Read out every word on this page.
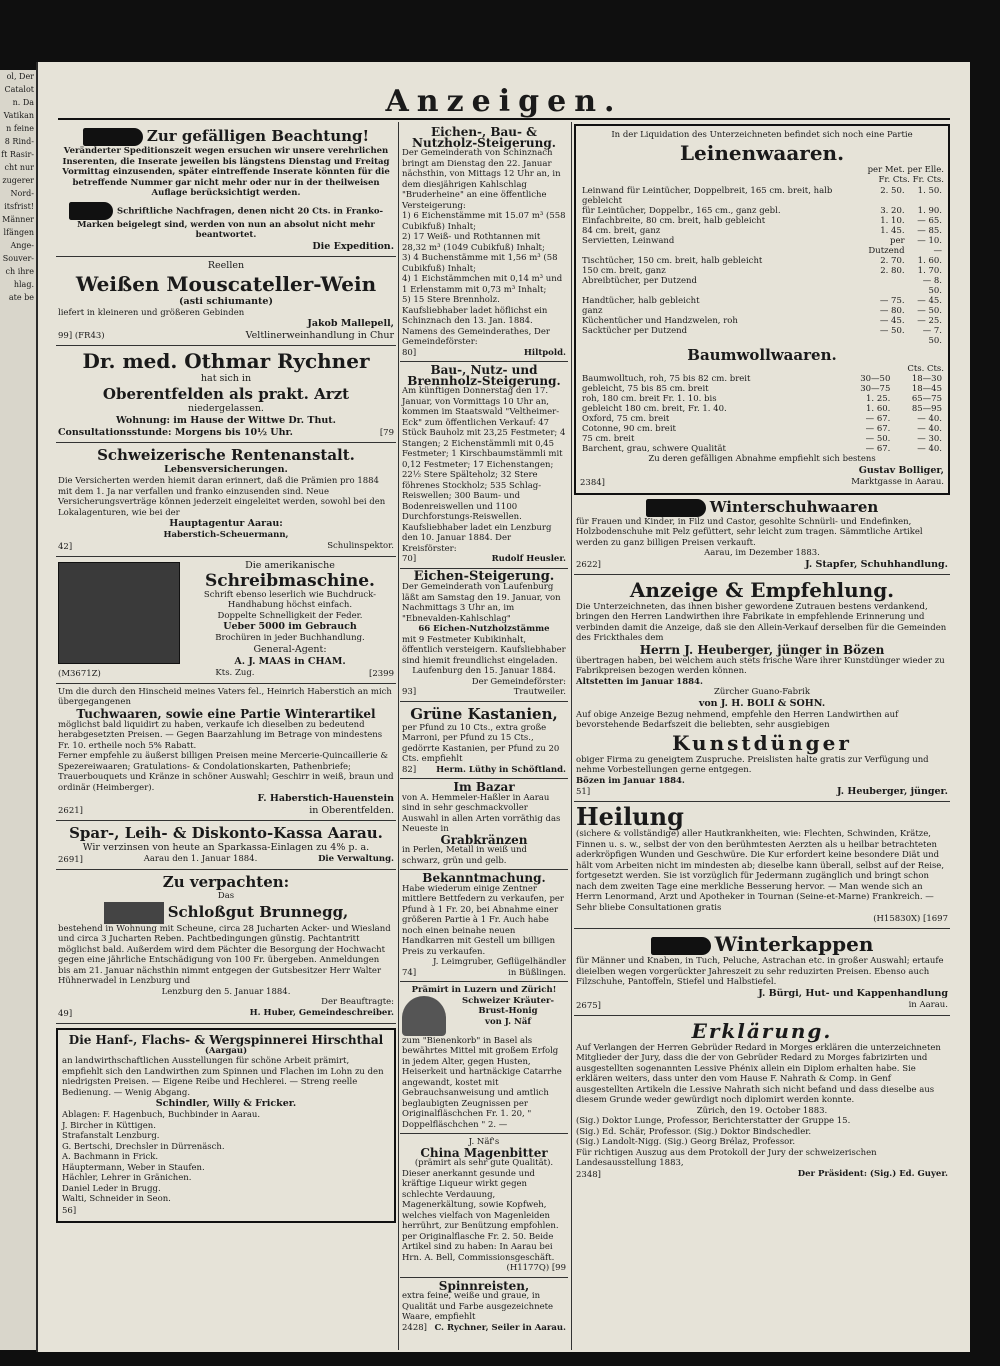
ol, Der
Catalot
n. Da
Vatikan
n feine
8 Rind-
ft Rasir-
cht nur
zugerer
Nord-
itsfrist!
Männer
lfängen
Ange-
Souver-
ch ihre
hlag.
ate be
Anzeigen.
Zur gefälligen Beachtung!
Veränderter Speditionszeit wegen ersuchen wir unsere verehrlichen Inserenten, die Inserate jeweilen bis längstens Dienstag und Freitag Vormittag einzusenden, später eintreffende Inserate könnten für die betreffende Nummer gar nicht mehr oder nur in der theilweisen Auflage berücksichtigt werden.
Schriftliche Nachfragen, denen nicht 20 Cts. in Franko-Marken beigelegt sind, werden von nun an absolut nicht mehr beantwortet.
Die Expedition.
Reellen
Weißen Mouscateller-Wein
(asti schiumante)
liefert in kleineren und größeren Gebinden
Jakob Mallepell,
99] (FR43)	Veltlinerweinhandlung in Chur
Dr. med. Othmar Rychner
hat sich in
Oberentfelden als prakt. Arzt
niedergelassen.
Wohnung: im Hause der Wittwe Dr. Thut.
Consultationsstunde: Morgens bis 10½ Uhr.	[79
Schweizerische Rentenanstalt.
Lebensversicherungen.
Die Versicherten werden hiemit daran erinnert, daß die Prämien pro 1884 mit dem 1. Ja nar verfallen und franko einzusenden sind. Neue Versicherungsverträge können jederzeit eingeleitet werden, sowohl bei den Lokalagenturen, wie bei der
Hauptagentur Aarau:
Haberstich-Scheuermann,
42]	Schulinspektor.
Die amerikanische
Schreibmaschine.
Schrift ebenso leserlich wie Buchdruck-Handhabung höchst einfach.
Doppelte Schnelligkeit der Feder.
Ueber 5000 im Gebrauch
Brochüren in jeder Buchhandlung.
General-Agent:
A. J. MAAS in CHAM.
(M3671Z)	Kts. Zug.	[2399
Um die durch den Hinscheid meines Vaters fel., Heinrich Haberstich an mich übergegangenen
Tuchwaaren, sowie eine Partie Winterartikel
möglichst bald liquidirt zu haben, verkaufe ich dieselben zu bedeutend herabgesetzten Preisen. — Gegen Baarzahlung im Betrage von mindestens Fr. 10. ertheile noch 5% Rabatt.
Ferner empfehle zu äußerst billigen Preisen meine Mercerie-Quincaillerie & Spezereiwaaren; Gratulations- & Condolationskarten, Pathenbriefe; Trauerbouquets und Kränze in schöner Auswahl; Geschirr in weiß, braun und ordinär (Heimberger).
F. Haberstich-Hauenstein
2621]	in Oberentfelden.
Spar-, Leih- & Diskonto-Kassa Aarau.
Wir verzinsen von heute an Sparkassa-Einlagen zu 4% p. a.
2691]	Aarau den 1. Januar 1884.	Die Verwaltung.
Zu verpachten:
Das
Schloßgut Brunnegg,
bestehend in Wohnung mit Scheune, circa 28 Jucharten Acker- und Wiesland und circa 3 Jucharten Reben. Pachtbedingungen günstig. Pachtantritt möglichst bald. Außerdem wird dem Pächter die Besorgung der Hochwacht gegen eine jährliche Entschädigung von 100 Fr. übergeben. Anmeldungen bis am 21. Januar nächsthin nimmt entgegen der Gutsbesitzer Herr Walter Hühnerwadel in Lenzburg und
Lenzburg den 5. Januar 1884.
Der Beauftragte:
49]	H. Huber, Gemeindeschreiber.
Die Hanf-, Flachs- & Wergspinnerei Hirschthal
(Aargau)
an landwirthschaftlichen Ausstellungen für schöne Arbeit prämirt, empfiehlt sich den Landwirthen zum Spinnen und Flachen im Lohn zu den niedrigsten Preisen. — Eigene Reibe und Hechlerei. — Streng reelle Bedienung. — Wenig Abgang.
Schindler, Willy & Fricker.
Ablagen: F. Hagenbuch, Buchbinder in Aarau.
J. Bircher in Küttigen.
Strafanstalt Lenzburg.
G. Bertschi, Drechsler in Dürrenäsch.
A. Bachmann in Frick.
Häuptermann, Weber in Staufen.
Hächler, Lehrer in Gränichen.
Daniel Leder in Brugg.
Walti, Schneider in Seon.
56]
Eichen-, Bau- & Nutzholz-Steigerung.
Der Gemeinderath von Schinznach bringt am Dienstag den 22. Januar nächsthin, von Mittags 12 Uhr an, in dem diesjährigen Kahlschlag "Bruderheine" an eine öffentliche Versteigerung:
1) 6 Eichenstämme mit 15.07 m³ (558 Cubikfuß) Inhalt;
2) 17 Weiß- und Rothtannen mit 28,32 m³ (1049 Cubikfuß) Inhalt;
3) 4 Buchenstämme mit 1,56 m³ (58 Cubikfuß) Inhalt;
4) 1 Eichstämmchen mit 0,14 m³ und 1 Erlenstamm mit 0,73 m³ Inhalt;
5) 15 Stere Brennholz.
Kaufsliebhaber ladet höflichst ein Schinznach den 13. Jan. 1884. Namens des Gemeinderathes, Der Gemeindeförster:
80]	Hiltpold.
Bau-, Nutz- und Brennholz-Steigerung.
Am künftigen Donnerstag den 17. Januar, von Vormittags 10 Uhr an, kommen im Staatswald "Veltheimer-Eck" zum öffentlichen Verkauf: 47 Stück Bauholz mit 23,25 Festmeter; 4 Stangen; 2 Eichenstämmli mit 0,45 Festmeter; 1 Kirschbaumstämmli mit 0,12 Festmeter; 17 Eichenstangen; 22½ Stere Spälteholz; 32 Stere föhrenes Stockholz; 535 Schlag-Reiswellen; 300 Baum- und Bodenreiswellen und 1100 Durchforstungs-Reiswellen.
Kaufsliebhaber ladet ein Lenzburg den 10. Januar 1884. Der Kreisförster:
70]	Rudolf Heusler.
Eichen-Steigerung.
Der Gemeinderath von Laufenburg läßt am Samstag den 19. Januar, von Nachmittags 3 Uhr an, im "Ebnevalden-Kahlschlag"
66 Eichen-Nutzholzstämme
mit 9 Festmeter Kubikinhalt, öffentlich versteigern. Kaufsliebhaber sind hiemit freundlichst eingeladen.
Laufenburg den 15. Januar 1884.
Der Gemeindeförster:
93]	Trautweiler.
Grüne Kastanien,
per Pfund zu 10 Cts., extra große Marroni, per Pfund zu 15 Cts., gedörrte Kastanien, per Pfund zu 20 Cts. empfiehlt
82] Herm. Lüthy in Schöftland.
Im Bazar
von A. Hemmeler-Haßler in Aarau sind in sehr geschmackvoller Auswahl in allen Arten vorräthig das Neueste in
Grabkränzen
in Perlen, Metall in weiß und schwarz, grün und gelb.
Bekanntmachung.
Habe wiederum einige Zentner mittlere Bettfedern zu verkaufen, per Pfund à 1 Fr. 20, bei Abnahme einer größeren Partie à 1 Fr. Auch habe noch einen beinahe neuen Handkarren mit Gestell um billigen Preis zu verkaufen.
J. Leimgruber, Geflügelhändler
74]	in Büßlingen.
Prämirt in Luzern und Zürich!
Schweizer Kräuter-Brust-Honig
von J. Näf
zum "Bienenkorb" in Basel als bewährtes Mittel mit großem Erfolg in jedem Alter, gegen Husten, Heiserkeit und hartnäckige Catarrhe angewandt, kostet mit Gebrauchsanweisung und amtlich beglaubigten Zeugnissen per Originalfläschchen Fr. 1. 20, " Doppelfläschchen " 2. —
J. Näf's
China Magenbitter
(prämirt als sehr gute Qualität).
Dieser anerkannt gesunde und kräftige Liqueur wirkt gegen schlechte Verdauung, Magenerkältung, sowie Kopfweh, welches vielfach von Magenleiden herrührt, zur Benützung empfohlen. per Originalflasche Fr. 2. 50. Beide Artikel sind zu haben: In Aarau bei Hrn. A. Bell, Commissionsgeschäft.
(H1177Q) [99
Spinnreisten,
extra feine, weiße und graue, in Qualität und Farbe ausgezeichnete Waare, empfiehlt
2428] C. Rychner, Seiler in Aarau.
In der Liquidation des Unterzeichneten befindet sich noch eine Partie
Leinenwaaren.
per Met. per Elle.
Fr. Cts. Fr. Cts.
Leinwand für Leintücher, Doppelbreit, 165 cm. breit, halb gebleicht	2. 50.	1. 50.
für Leintücher, Doppelbr., 165 cm., ganz gebl.	3. 20.	1. 90.
Einfachbreite, 80 cm. breit, halb gebleicht	1. 10.	— 65.
84 cm. breit, ganz	1. 45.	— 85.
Servietten, Leinwand	per Dutzend	— 10. —
Tischtücher, 150 cm. breit, halb gebleicht	2. 70.	1. 60.
150 cm. breit, ganz	2. 80.	1. 70.
Abreibtücher, per Dutzend		— 8. 50.
Handtücher, halb gebleicht	— 75.	— 45.
ganz	— 80.	— 50.
Küchentücher und Handzwelen, roh	— 45.	— 25.
Sacktücher per Dutzend	— 50.	— 7. 50.
Baumwollwaaren.
Cts. Cts.
Baumwolltuch, roh, 75 bis 82 cm. breit	30—50	18—30
gebleicht, 75 bis 85 cm. breit	30—75	18—45
roh, 180 cm. breit Fr. 1. 10. bis	1. 25.	65—75
gebleicht 180 cm. breit, Fr. 1. 40.	1. 60.	85—95
Oxford, 75 cm. breit	— 67.	— 40.
Cotonne, 90 cm. breit	— 67.	— 40.
75 cm. breit	— 50.	— 30.
Barchent, grau, schwere Qualität	— 67.	— 40.
Zu deren gefälligen Abnahme empfiehlt sich bestens
Gustav Bolliger,
2384]	Marktgasse in Aarau.
Winterschuhwaaren
für Frauen und Kinder, in Filz und Castor, gesohlte Schnürli- und Endefinken, Holzbodenschuhe mit Pelz gefüttert, sehr leicht zum tragen. Sämmtliche Artikel werden zu ganz billigen Preisen verkauft.
Aarau, im Dezember 1883.
2622]	J. Stapfer, Schuhhandlung.
Anzeige & Empfehlung.
Die Unterzeichneten, das ihnen bisher gewordene Zutrauen bestens verdankend, bringen den Herren Landwirthen ihre Fabrikate in empfehlende Erinnerung und verbinden damit die Anzeige, daß sie den Allein-Verkauf derselben für die Gemeinden des Frickthales dem
Herrn J. Heuberger, jünger in Bözen
übertragen haben, bei welchem auch stets frische Ware ihrer Kunstdünger wieder zu Fabrikpreisen bezogen werden können.
Altstetten im Januar 1884.
Zürcher Guano-Fabrik
von J. H. BOLI & SOHN.
Auf obige Anzeige Bezug nehmend, empfehle den Herren Landwirthen auf bevorstehende Bedarfszeit die beliebten, sehr ausgiebigen
Kunstdünger
obiger Firma zu geneigtem Zuspruche. Preislisten halte gratis zur Verfügung und nehme Vorbestellungen gerne entgegen.
Bözen im Januar 1884.
51]	J. Heuberger, jünger.
Heilung
(sichere & vollständige) aller Hautkrankheiten, wie: Flechten, Schwinden, Krätze, Finnen u. s. w., selbst der von den berühmtesten Aerzten als u heilbar betrachteten aderkröpfigen Wunden und Geschwüre. Die Kur erfordert keine besondere Diät und hält vom Arbeiten nicht im mindesten ab; dieselbe kann überall, selbst auf der Reise, fortgesetzt werden. Sie ist vorzüglich für Jedermann zugänglich und bringt schon nach dem zweiten Tage eine merkliche Besserung hervor. — Man wende sich an Herrn Lenormand, Arzt und Apotheker in Tournan (Seine-et-Marne) Frankreich. — Sehr bliebe Consultationen gratis
(H15830X) [1697
Winterkappen
für Männer und Knaben, in Tuch, Peluche, Astrachan etc. in großer Auswahl; ertaufe dieielben wegen vorgerückter Jahreszeit zu sehr reduzirten Preisen. Ebenso auch Filzschuhe, Pantoffeln, Stiefel und Halbstiefel.
J. Bürgi, Hut- und Kappenhandlung
2675]	in Aarau.
Erklärung.
Auf Verlangen der Herren Gebrüder Redard in Morges erklären die unterzeichneten Mitglieder der Jury, dass die der von Gebrüder Redard zu Morges fabrizirten und ausgestellten sogenannten Lessive Phénix allein ein Diplom erhalten habe. Sie erklären weiters, dass unter den vom Hause F. Nahrath & Comp. in Genf ausgestellten Artikeln die Lessive Nahrath sich nicht befand und dass dieselbe aus diesem Grunde weder gewürdigt noch diplomirt werden konnte.
Zürich, den 19. October 1883.
(Sig.) Doktor Lunge, Professor, Berichterstatter der Gruppe 15.
(Sig.) Ed. Schär, Professor. (Sig.) Doktor Bindschedler.
(Sig.) Landolt-Nigg. (Sig.) Georg Brélaz, Professor.
Für richtigen Auszug aus dem Protokoll der Jury der schweizerischen Landesausstellung 1883,
2348]	Der Präsident: (Sig.) Ed. Guyer.
